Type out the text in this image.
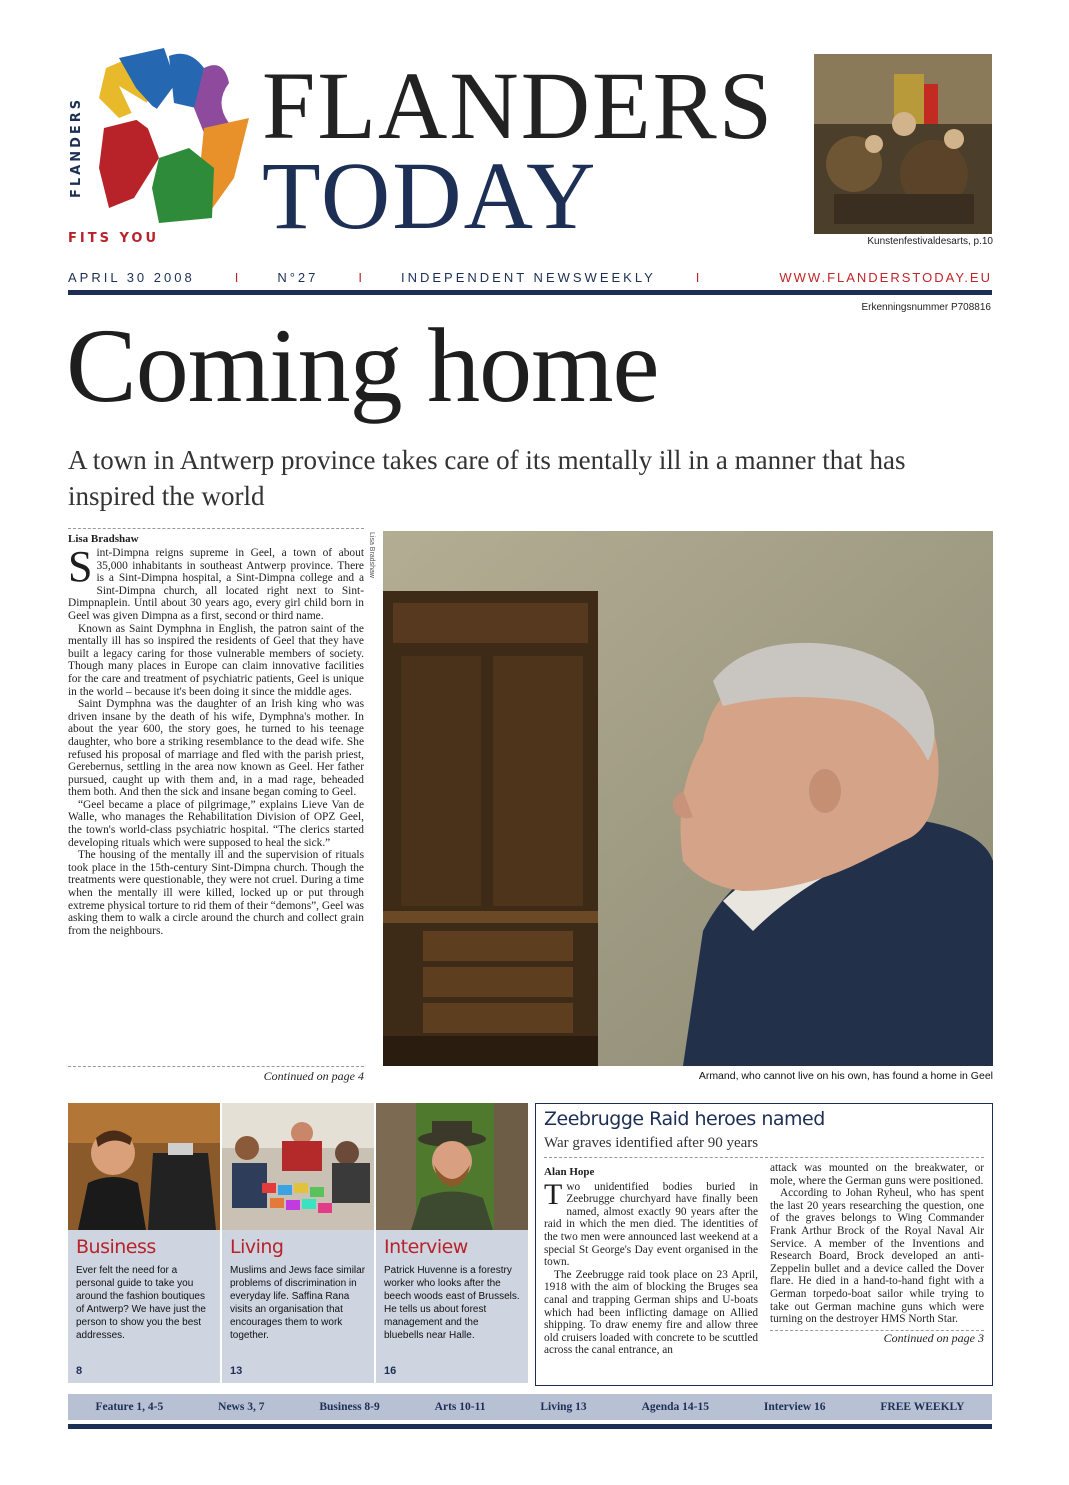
FLANDERS
FITS YOU
FLANDERS
TODAY	Kunstenfestivaldesarts, p.10
APRIL 30 2008	I	N°27	I	INDEPENDENT NEWSWEEKLY	I	WWW.FLANDERSTODAY.EU
Erkenningsnummer P708816
Coming home
A town in Antwerp province takes care of its mentally ill in a manner that has inspired the world
Lisa Bradshaw

Sint-Dimpna reigns supreme in Geel, a town of about 35,000 inhabitants in southeast Antwerp province. There is a Sint-Dimpna hospital, a Sint-Dimpna college and a Sint-Dimpna church, all located right next to Sint-Dimpnaplein. Until about 30 years ago, every girl child born in Geel was given Dimpna as a first, second or third name.

Known as Saint Dymphna in English, the patron saint of the mentally ill has so inspired the residents of Geel that they have built a legacy caring for those vulnerable members of society. Though many places in Europe can claim innovative facilities for the care and treatment of psychiatric patients, Geel is unique in the world – because it's been doing it since the middle ages.

Saint Dymphna was the daughter of an Irish king who was driven insane by the death of his wife, Dymphna's mother. In about the year 600, the story goes, he turned to his teenage daughter, who bore a striking resemblance to the dead wife. She refused his proposal of marriage and fled with the parish priest, Gerebernus, settling in the area now known as Geel. Her father pursued, caught up with them and, in a mad rage, beheaded them both. And then the sick and insane began coming to Geel.

“Geel became a place of pilgrimage,” explains Lieve Van de Walle, who manages the Rehabilitation Division of OPZ Geel, the town's world-class psychiatric hospital. “The clerics started developing rituals which were supposed to heal the sick.”

The housing of the mentally ill and the supervision of rituals took place in the 15th-century Sint-Dimpna church. Though the treatments were questionable, they were not cruel. During a time when the mentally ill were killed, locked up or put through extreme physical torture to rid them of their “demons”, Geel was asking them to walk a circle around the church and collect grain from the neighbours.

Continued on page 4
Lisa Bradshaw
Armand, who cannot live on his own, has found a home in Geel
Business
Ever felt the need for a personal guide to take you around the fashion boutiques of Antwerp? We have just the person to show you the best addresses.
8
Living
Muslims and Jews face similar problems of discrimination in everyday life. Saffina Rana visits an organisation that encourages them to work together.
13
Interview
Patrick Huvenne is a forestry worker who looks after the beech woods east of Brussels. He tells us about forest management and the bluebells near Halle.
16
Zeebrugge Raid heroes named
War graves identified after 90 years
Alan Hope

Two unidentified bodies buried in Zeebrugge churchyard have finally been named, almost exactly 90 years after the raid in which the men died. The identities of the two men were announced last weekend at a special St George's Day event organised in the town.

The Zeebrugge raid took place on 23 April, 1918 with the aim of blocking the Bruges sea canal and trapping German ships and U-boats which had been inflicting damage on Allied shipping. To draw enemy fire and allow three old cruisers loaded with concrete to be scuttled across the canal entrance, an

attack was mounted on the breakwater, or mole, where the German guns were positioned.

According to Johan Ryheul, who has spent the last 20 years researching the question, one of the graves belongs to Wing Commander Frank Arthur Brock of the Royal Naval Air Service. A member of the Inventions and Research Board, Brock developed an anti-Zeppelin bullet and a device called the Dover flare. He died in a hand-to-hand fight with a German torpedo-boat sailor while trying to take out German machine guns which were turning on the destroyer HMS North Star.

Continued on page 3
Feature 1, 4-5	News 3, 7	Business 8-9	Arts 10-11	Living 13	Agenda 14-15	Interview 16	FREE WEEKLY
